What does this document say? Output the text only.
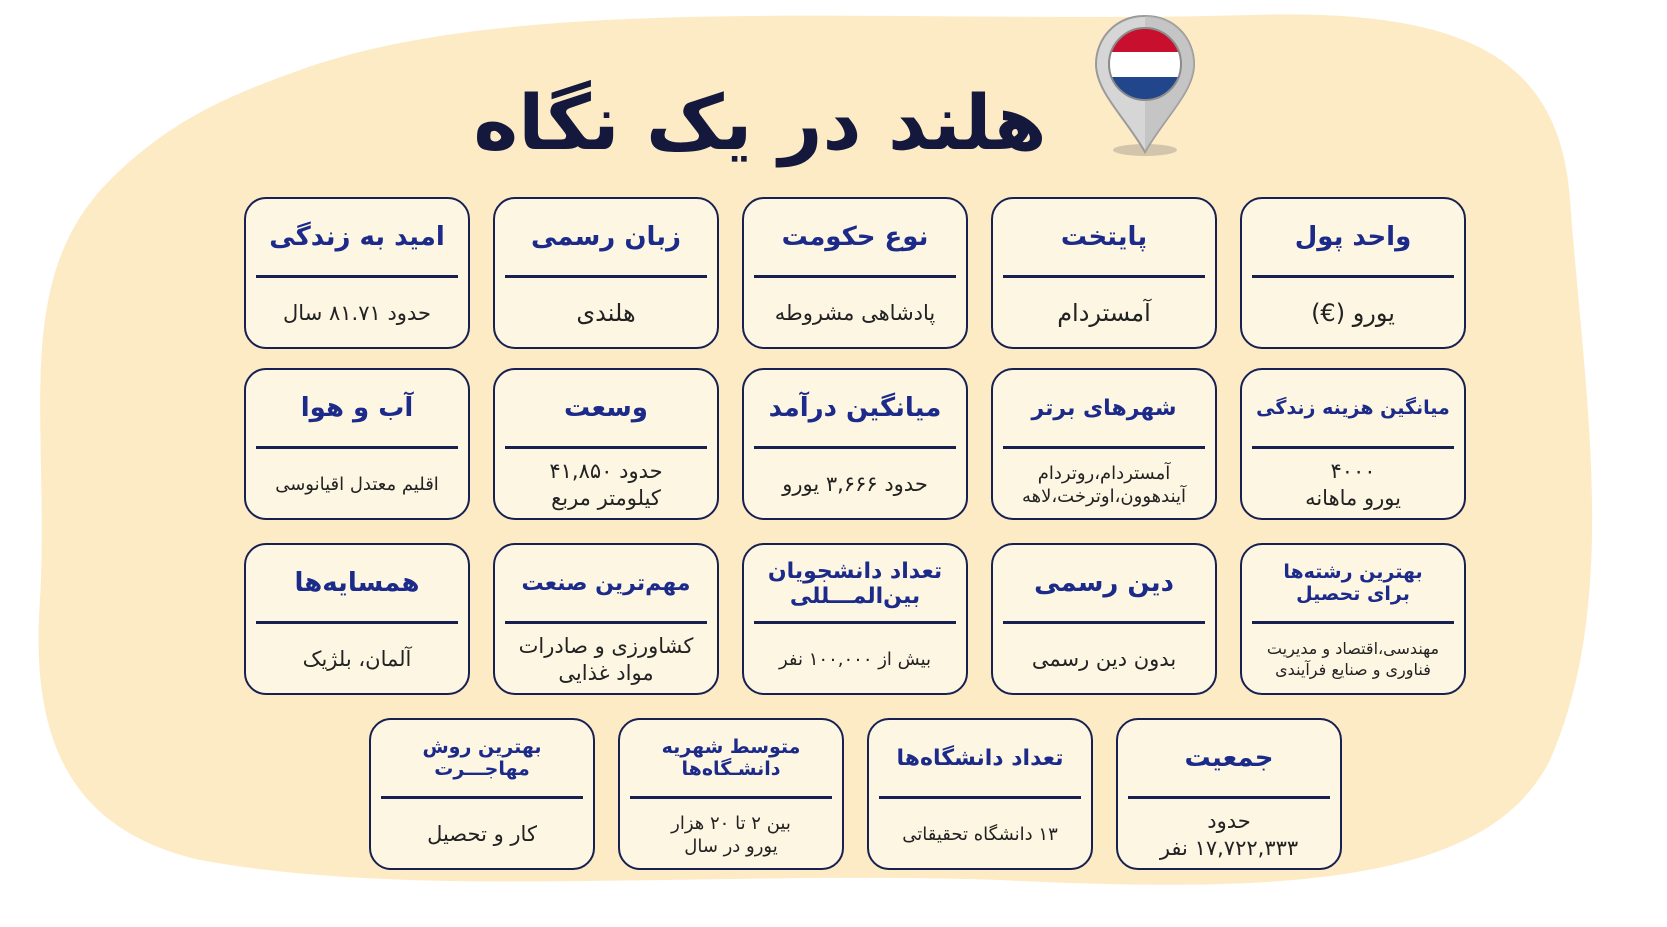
هلند در یک نگاه
واحد پول
یورو (€)
پایتخت
آمستردام
نوع حکومت
پادشاهی مشروطه
زبان رسمی
هلندی
امید به زندگی
حدود ۸۱.۷۱ سال
میانگین هزینه زندگی
۴۰۰۰
یورو ماهانه
شهرهای برتر
آمستردام،روتردام
آیندهوون،اوترخت،لاهه
میانگین درآمد
حدود ۳,۶۶۶ یورو
وسعت
حدود ۴۱,۸۵۰
کیلومتر مربع
آب و هوا
اقلیم معتدل اقیانوسی
بهترین رشته‌ها
برای تحصیل
مهندسی،اقتصاد و مدیریت
فناوری و صنایع فرآیندی
دین رسمی
بدون دین رسمی
تعداد دانشجویان
بین‌المـــللی
بیش از ۱۰۰,۰۰۰ نفر
مهم‌ترین صنعت
کشاورزی و صادرات
مواد غذایی
همسایه‌ها
آلمان، بلژیک
جمعیت
حدود
۱۷,۷۲۲,۳۳۳ نفر
تعداد دانشگاه‌ها
۱۳ دانشگاه تحقیقاتی
متوسط شهریه
دانشـگاه‌ها
بین ۲ تا ۲۰ هزار
یورو در سال
بهترین روش
مهاجـــرت
کار و تحصیل
